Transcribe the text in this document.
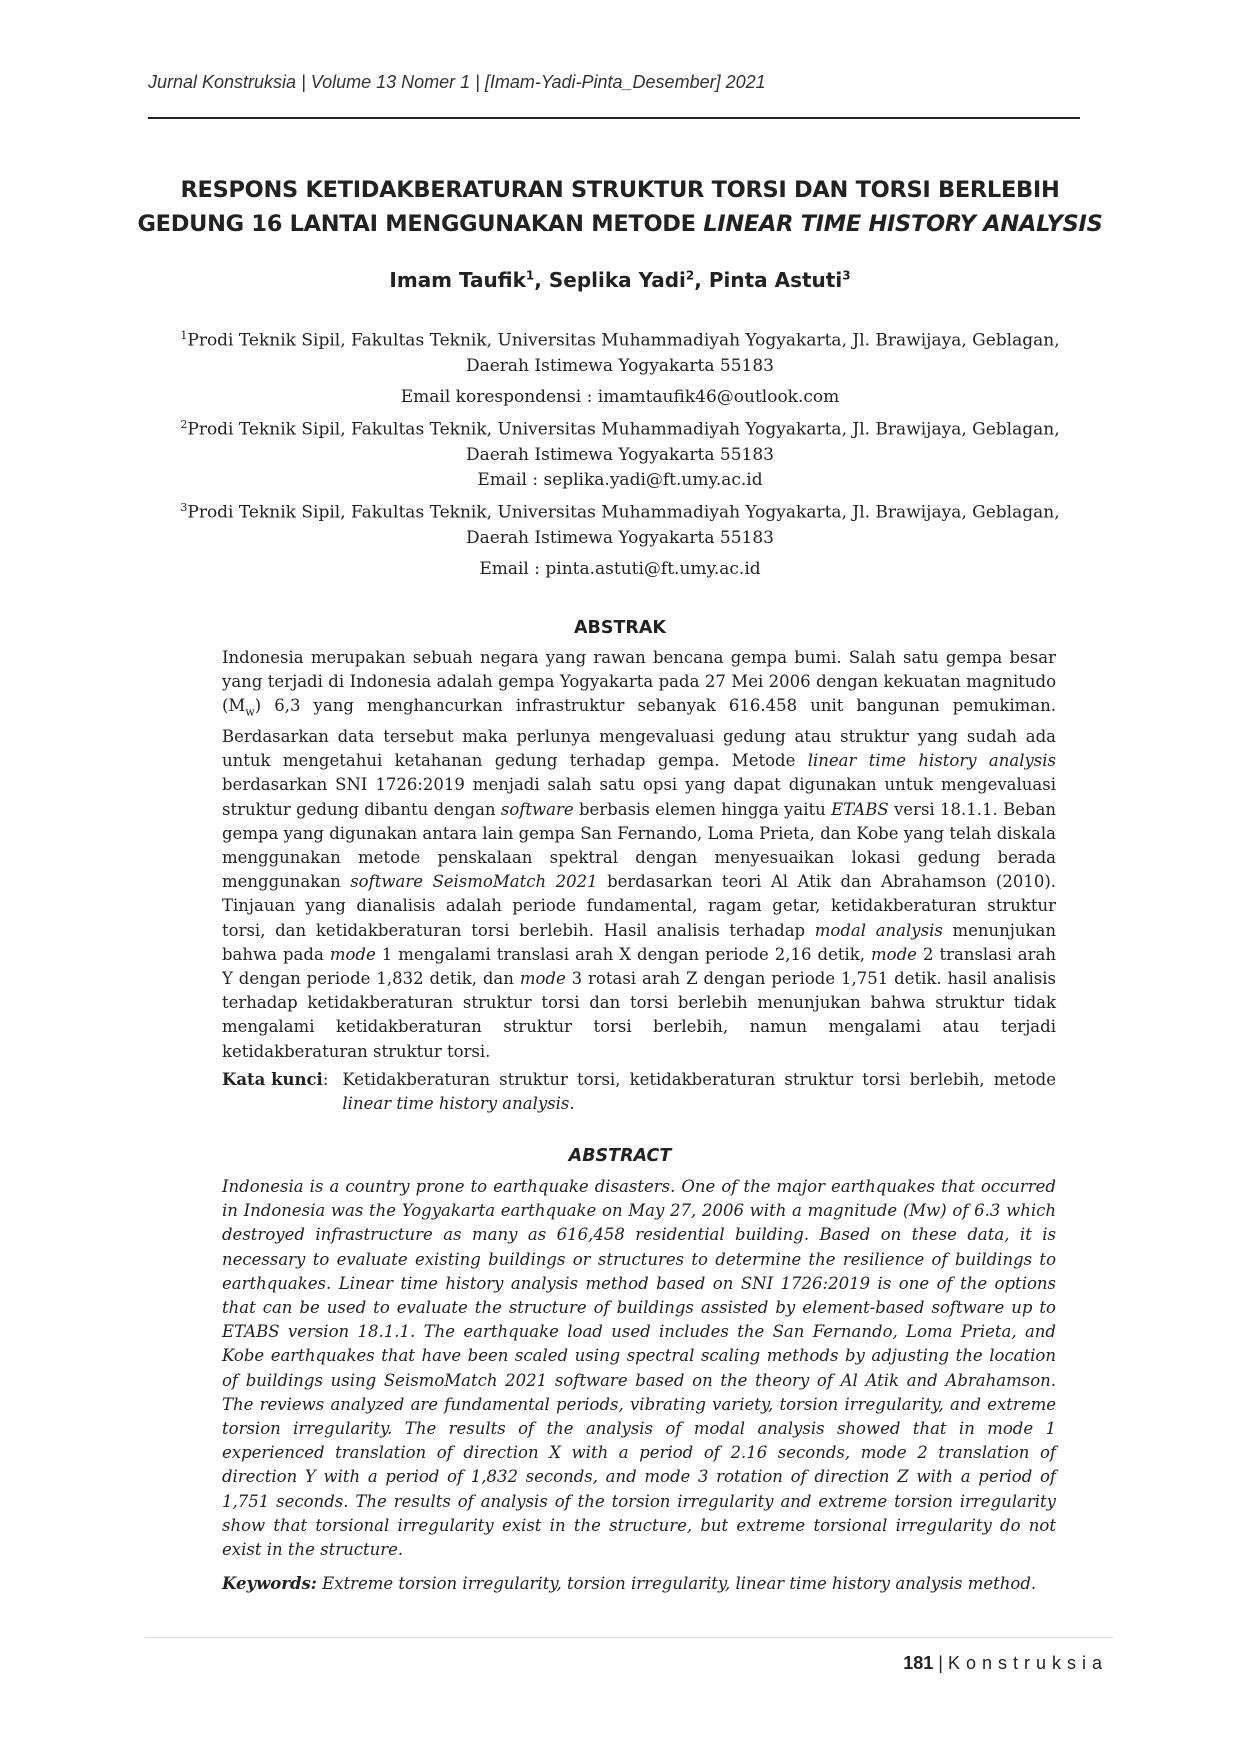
Jurnal Konstruksia | Volume 13 Nomer 1 | [Imam-Yadi-Pinta_Desember] 2021
RESPONS KETIDAKBERATURAN STRUKTUR TORSI DAN TORSI BERLEBIH
GEDUNG 16 LANTAI MENGGUNAKAN METODE LINEAR TIME HISTORY ANALYSIS
Imam Taufik$^1$, Seplika Yadi$^2$, Pinta Astuti$^3$
$^1$Prodi Teknik Sipil, Fakultas Teknik, Universitas Muhammadiyah Yogyakarta, Jl. Brawijaya, Geblagan,
Daerah Istimewa Yogyakarta 55183
Email korespondensi : imamtaufik46@outlook.com
$^2$Prodi Teknik Sipil, Fakultas Teknik, Universitas Muhammadiyah Yogyakarta, Jl. Brawijaya, Geblagan,
Daerah Istimewa Yogyakarta 55183
Email : seplika.yadi@ft.umy.ac.id
$^3$Prodi Teknik Sipil, Fakultas Teknik, Universitas Muhammadiyah Yogyakarta, Jl. Brawijaya, Geblagan,
Daerah Istimewa Yogyakarta 55183
Email : pinta.astuti@ft.umy.ac.id
ABSTRAK
Indonesia merupakan sebuah negara yang rawan bencana gempa bumi. Salah satu gempa besar yang terjadi di Indonesia adalah gempa Yogyakarta pada 27 Mei 2006 dengan kekuatan magnitudo $(M_w)$ 6,3 yang menghancurkan infrastruktur sebanyak 616.458 unit bangunan pemukiman. Berdasarkan data tersebut maka perlunya mengevaluasi gedung atau struktur yang sudah ada untuk mengetahui ketahanan gedung terhadap gempa. Metode linear time history analysis berdasarkan SNI 1726:2019 menjadi salah satu opsi yang dapat digunakan untuk mengevaluasi struktur gedung dibantu dengan software berbasis elemen hingga yaitu ETABS versi 18.1.1. Beban gempa yang digunakan antara lain gempa San Fernando, Loma Prieta, dan Kobe yang telah diskala menggunakan metode penskalaan spektral dengan menyesuaikan lokasi gedung berada menggunakan software SeismoMatch 2021 berdasarkan teori Al Atik dan Abrahamson (2010). Tinjauan yang dianalisis adalah periode fundamental, ragam getar, ketidakberaturan struktur torsi, dan ketidakberaturan torsi berlebih. Hasil analisis terhadap modal analysis menunjukan bahwa pada mode 1 mengalami translasi arah X dengan periode 2,16 detik, mode 2 translasi arah Y dengan periode 1,832 detik, dan mode 3 rotasi arah Z dengan periode 1,751 detik. hasil analisis terhadap ketidakberaturan struktur torsi dan torsi berlebih menunjukan bahwa struktur tidak mengalami ketidakberaturan struktur torsi berlebih, namun mengalami atau terjadi ketidakberaturan struktur torsi.
Kata kunci : Ketidakberaturan struktur torsi, ketidakberaturan struktur torsi berlebih, metode linear time history analysis.
ABSTRACT
Indonesia is a country prone to earthquake disasters. One of the major earthquakes that occurred in Indonesia was the Yogyakarta earthquake on May 27, 2006 with a magnitude (Mw) of 6.3 which destroyed infrastructure as many as 616,458 residential building. Based on these data, it is necessary to evaluate existing buildings or structures to determine the resilience of buildings to earthquakes. Linear time history analysis method based on SNI 1726:2019 is one of the options that can be used to evaluate the structure of buildings assisted by element-based software up to ETABS version 18.1.1. The earthquake load used includes the San Fernando, Loma Prieta, and Kobe earthquakes that have been scaled using spectral scaling methods by adjusting the location of buildings using SeismoMatch 2021 software based on the theory of Al Atik and Abrahamson. The reviews analyzed are fundamental periods, vibrating variety, torsion irregularity, and extreme torsion irregularity. The results of the analysis of modal analysis showed that in mode 1 experienced translation of direction X with a period of 2.16 seconds, mode 2 translation of direction Y with a period of 1,832 seconds, and mode 3 rotation of direction Z with a period of 1,751 seconds. The results of analysis of the torsion irregularity and extreme torsion irregularity show that torsional irregularity exist in the structure, but extreme torsional irregularity do not exist in the structure.
Keywords: Extreme torsion irregularity, torsion irregularity, linear time history analysis method.
181 | Konstruksia
